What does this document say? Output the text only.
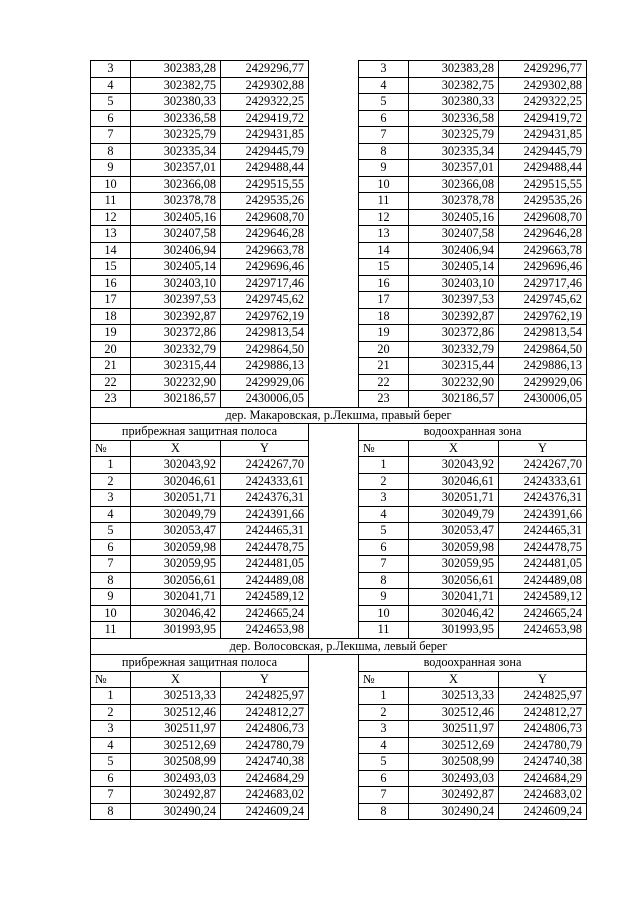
3	302383,28	2429296,77		3	302383,28	2429296,77
4	302382,75	2429302,88		4	302382,75	2429302,88
5	302380,33	2429322,25		5	302380,33	2429322,25
6	302336,58	2429419,72		6	302336,58	2429419,72
7	302325,79	2429431,85		7	302325,79	2429431,85
8	302335,34	2429445,79		8	302335,34	2429445,79
9	302357,01	2429488,44		9	302357,01	2429488,44
10	302366,08	2429515,55		10	302366,08	2429515,55
11	302378,78	2429535,26		11	302378,78	2429535,26
12	302405,16	2429608,70		12	302405,16	2429608,70
13	302407,58	2429646,28		13	302407,58	2429646,28
14	302406,94	2429663,78		14	302406,94	2429663,78
15	302405,14	2429696,46		15	302405,14	2429696,46
16	302403,10	2429717,46		16	302403,10	2429717,46
17	302397,53	2429745,62		17	302397,53	2429745,62
18	302392,87	2429762,19		18	302392,87	2429762,19
19	302372,86	2429813,54		19	302372,86	2429813,54
20	302332,79	2429864,50		20	302332,79	2429864,50
21	302315,44	2429886,13		21	302315,44	2429886,13
22	302232,90	2429929,06		22	302232,90	2429929,06
23	302186,57	2430006,05		23	302186,57	2430006,05
дер. Макаровская, р.Лекшма, правый берег						
прибрежная защитная полоса				водоохранная зона		
№	X	Y		№	X	Y
1	302043,92	2424267,70		1	302043,92	2424267,70
2	302046,61	2424333,61		2	302046,61	2424333,61
3	302051,71	2424376,31		3	302051,71	2424376,31
4	302049,79	2424391,66		4	302049,79	2424391,66
5	302053,47	2424465,31		5	302053,47	2424465,31
6	302059,98	2424478,75		6	302059,98	2424478,75
7	302059,95	2424481,05		7	302059,95	2424481,05
8	302056,61	2424489,08		8	302056,61	2424489,08
9	302041,71	2424589,12		9	302041,71	2424589,12
10	302046,42	2424665,24		10	302046,42	2424665,24
11	301993,95	2424653,98		11	301993,95	2424653,98
дер. Волосовская, р.Лекшма, левый берег						
прибрежная защитная полоса				водоохранная зона		
№	X	Y		№	X	Y
1	302513,33	2424825,97		1	302513,33	2424825,97
2	302512,46	2424812,27		2	302512,46	2424812,27
3	302511,97	2424806,73		3	302511,97	2424806,73
4	302512,69	2424780,79		4	302512,69	2424780,79
5	302508,99	2424740,38		5	302508,99	2424740,38
6	302493,03	2424684,29		6	302493,03	2424684,29
7	302492,87	2424683,02		7	302492,87	2424683,02
8	302490,24	2424609,24		8	302490,24	2424609,24
